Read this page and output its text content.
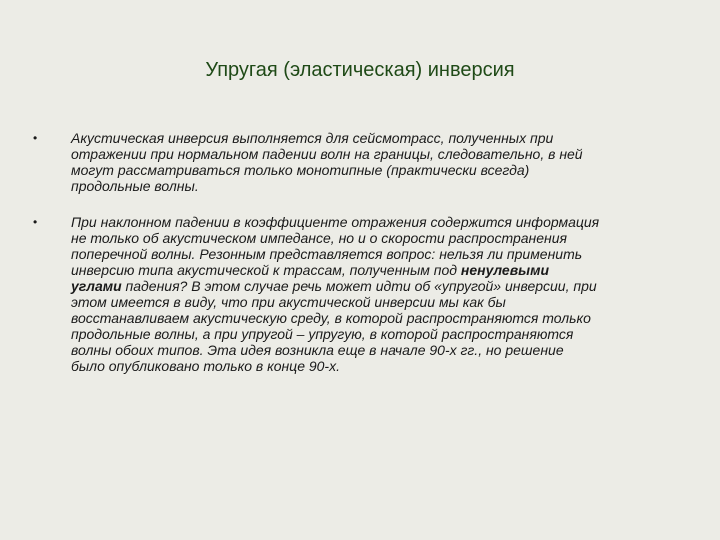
Упругая (эластическая) инверсия
• Акустическая инверсия выполняется для сейсмотрасс, полученных при
отражении при нормальном падении волн на границы, следовательно, в ней
могут рассматриваться только монотипные (практически всегда)
продольные волны.
• При наклонном падении в коэффициенте отражения содержится информация
не только об акустическом импедансе, но и о скорости распространения
поперечной волны. Резонным представляется вопрос: нельзя ли применить
инверсию типа акустической к трассам, полученным под ненулевыми
углами падения? В этом случае речь может идти об «упругой» инверсии, при
этом имеется в виду, что при акустической инверсии мы как бы
восстанавливаем акустическую среду, в которой распространяются только
продольные волны, а при упругой – упругую, в которой распространяются
волны обоих типов. Эта идея возникла еще в начале 90-х гг., но решение
было опубликовано только в конце 90-х.
